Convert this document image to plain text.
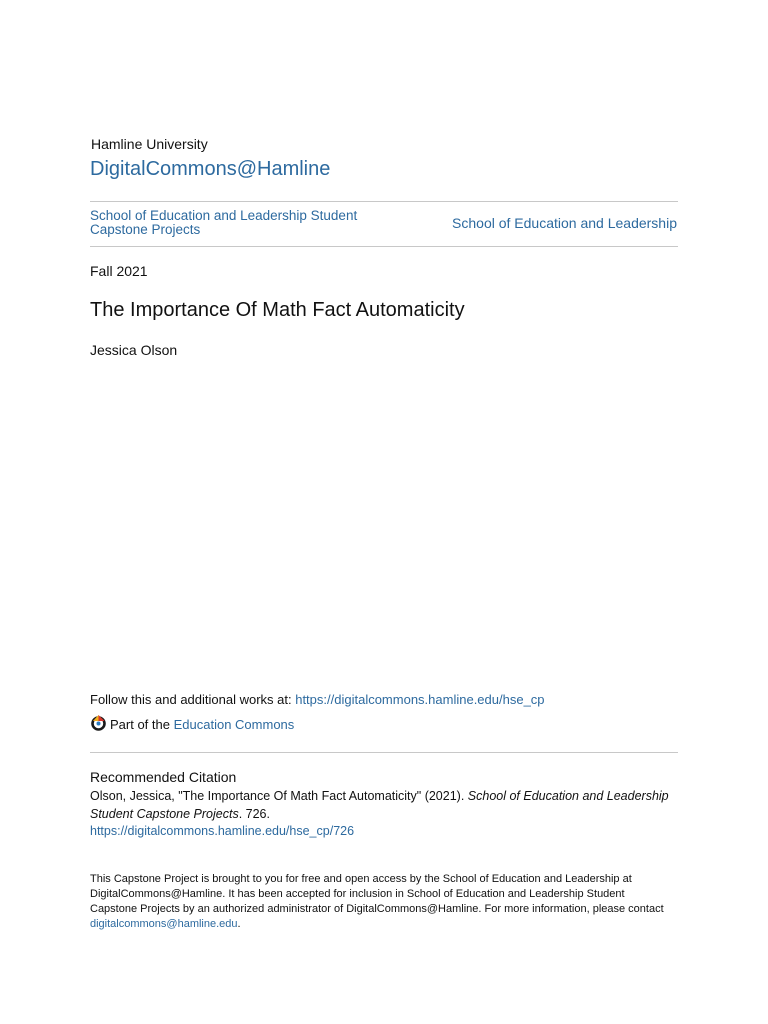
Hamline University
DigitalCommons@Hamline
School of Education and Leadership Student Capstone Projects	School of Education and Leadership
Fall 2021
The Importance Of Math Fact Automaticity
Jessica Olson
Follow this and additional works at: https://digitalcommons.hamline.edu/hse_cp
Part of the
Education Commons
Recommended Citation
Olson, Jessica, "The Importance Of Math Fact Automaticity" (2021). School of Education and Leadership Student Capstone Projects. 726.
https://digitalcommons.hamline.edu/hse_cp/726
This Capstone Project is brought to you for free and open access by the School of Education and Leadership at DigitalCommons@Hamline. It has been accepted for inclusion in School of Education and Leadership Student Capstone Projects by an authorized administrator of DigitalCommons@Hamline. For more information, please contact digitalcommons@hamline.edu.
